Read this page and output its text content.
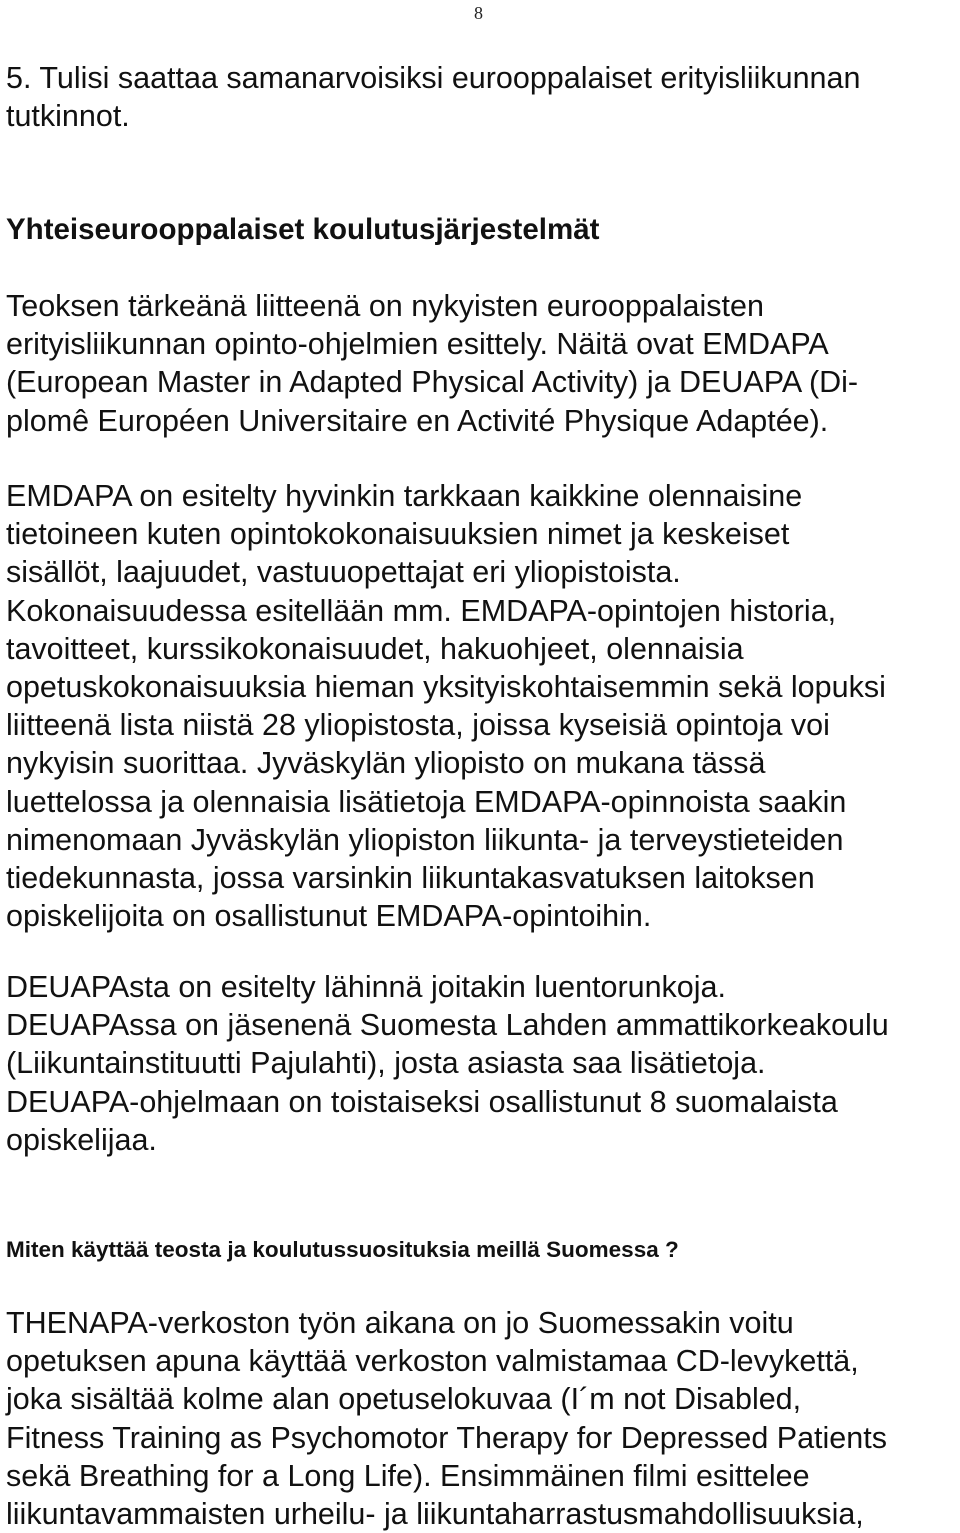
8
5. Tulisi saattaa samanarvoisiksi eurooppalaiset erityisliikunnan
tutkinnot.
Yhteiseurooppalaiset koulutusjärjestelmät
Teoksen tärkeänä liitteenä on nykyisten eurooppalaisten
erityisliikunnan opinto-ohjelmien esittely. Näitä ovat EMDAPA
(European Master in Adapted Physical Activity) ja DEUAPA (Di-
plomê Européen Universitaire en Activité Physique Adaptée).
EMDAPA on esitelty hyvinkin tarkkaan kaikkine olennaisine
tietoineen kuten opintokokonaisuuksien nimet ja keskeiset
sisällöt, laajuudet, vastuuopettajat eri yliopistoista.
Kokonaisuudessa esitellään mm. EMDAPA-opintojen historia,
tavoitteet, kurssikokonaisuudet, hakuohjeet, olennaisia
opetuskokonaisuuksia hieman yksityiskohtaisemmin sekä lopuksi
liitteenä lista niistä 28 yliopistosta, joissa kyseisiä opintoja voi
nykyisin suorittaa. Jyväskylän yliopisto on mukana tässä
luettelossa ja olennaisia lisätietoja EMDAPA-opinnoista saakin
nimenomaan Jyväskylän yliopiston liikunta- ja terveystieteiden
tiedekunnasta, jossa varsinkin liikuntakasvatuksen laitoksen
opiskelijoita on osallistunut EMDAPA-opintoihin.
DEUAPAsta on esitelty lähinnä joitakin luentorunkoja.
DEUAPAssa on jäsenenä Suomesta Lahden ammattikorkeakoulu
(Liikuntainstituutti Pajulahti), josta asiasta saa lisätietoja.
DEUAPA-ohjelmaan on toistaiseksi osallistunut 8 suomalaista
opiskelijaa.
Miten käyttää teosta ja koulutussuosituksia meillä Suomessa ?
THENAPA-verkoston työn aikana on jo Suomessakin voitu
opetuksen apuna käyttää verkoston valmistamaa CD-levykettä,
joka sisältää kolme alan opetuselokuvaa (I´m not Disabled,
Fitness Training as Psychomotor Therapy for Depressed Patients
sekä Breathing for a Long Life). Ensimmäinen filmi esittelee
liikuntavammaisten urheilu- ja liikuntaharrastusmahdollisuuksia,
